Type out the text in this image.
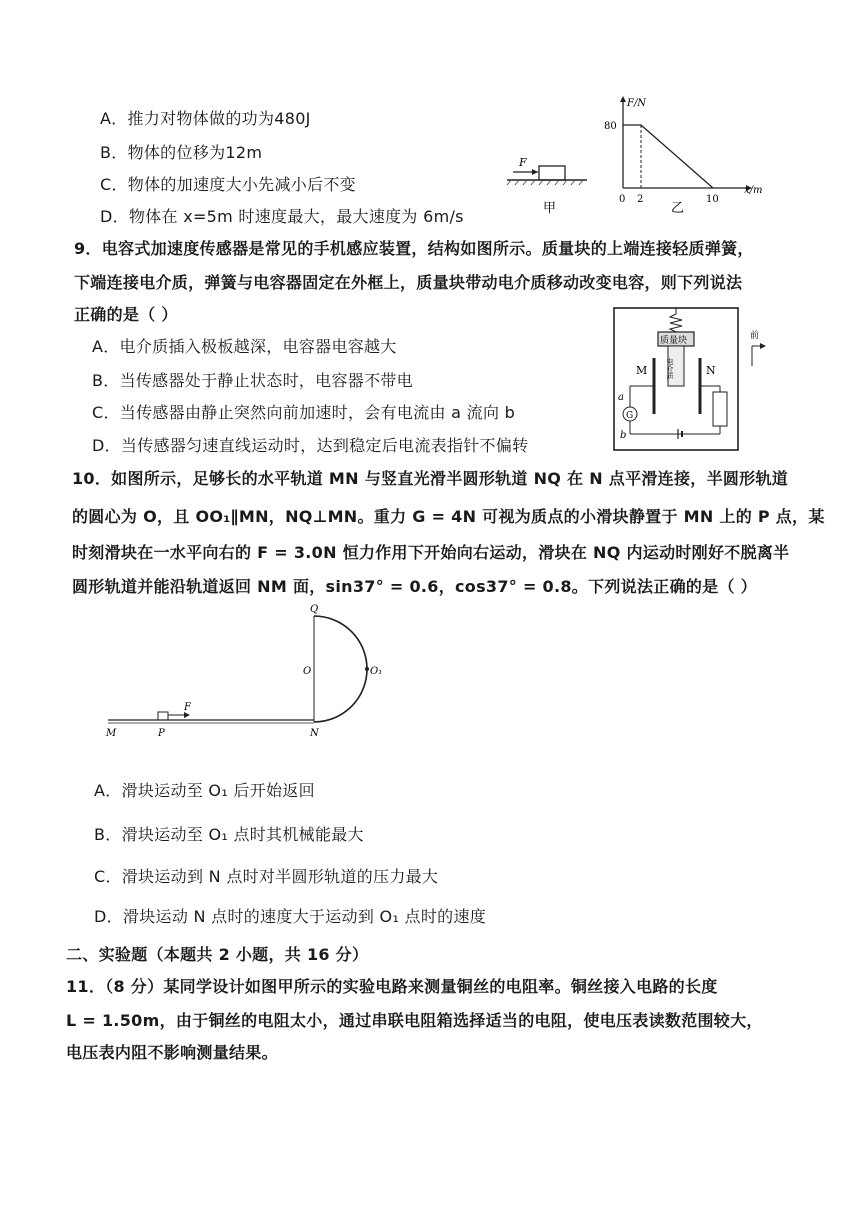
A．推力对物体做的功为480J
B．物体的位移为12m
C．物体的加速度大小先减小后不变
D．物体在 x=5m 时速度最大，最大速度为 6m/s
F
甲
F/N
80
0 2	10
x/m
乙
9．电容式加速度传感器是常见的手机感应装置，结构如图所示。质量块的上端连接轻质弹簧，
下端连接电介质，弹簧与电容器固定在外框上，质量块带动电介质移动改变电容，则下列说法
正确的是（ ）
A．电介质插入极板越深，电容器电容越大
B．当传感器处于静止状态时，电容器不带电
C．当传感器由静止突然向前加速时，会有电流由 a 流向 b
D．当传感器匀速直线运动时，达到稳定后电流表指针不偏转
质量块
电介质
M	N
G
a
b
前
10．如图所示，足够长的水平轨道 MN 与竖直光滑半圆形轨道 NQ 在 N 点平滑连接，半圆形轨道
的圆心为 O，且 OO₁∥MN，NQ⊥MN。重力 G = 4N 可视为质点的小滑块静置于 MN 上的 P 点，某
时刻滑块在一水平向右的 F = 3.0N 恒力作用下开始向右运动，滑块在 NQ 内运动时刚好不脱离半
圆形轨道并能沿轨道返回 NM 面，sin37° = 0.6，cos37° = 0.8。下列说法正确的是（ ）
Q
O	O₁
M	P	N
F
A．滑块运动至 O₁ 后开始返回
B．滑块运动至 O₁ 点时其机械能最大
C．滑块运动到 N 点时对半圆形轨道的压力最大
D．滑块运动 N 点时的速度大于运动到 O₁ 点时的速度
二、实验题（本题共 2 小题，共 16 分）
11．（8 分）某同学设计如图甲所示的实验电路来测量铜丝的电阻率。铜丝接入电路的长度
L = 1.50m，由于铜丝的电阻太小，通过串联电阻箱选择适当的电阻，使电压表读数范围较大，
电压表内阻不影响测量结果。
